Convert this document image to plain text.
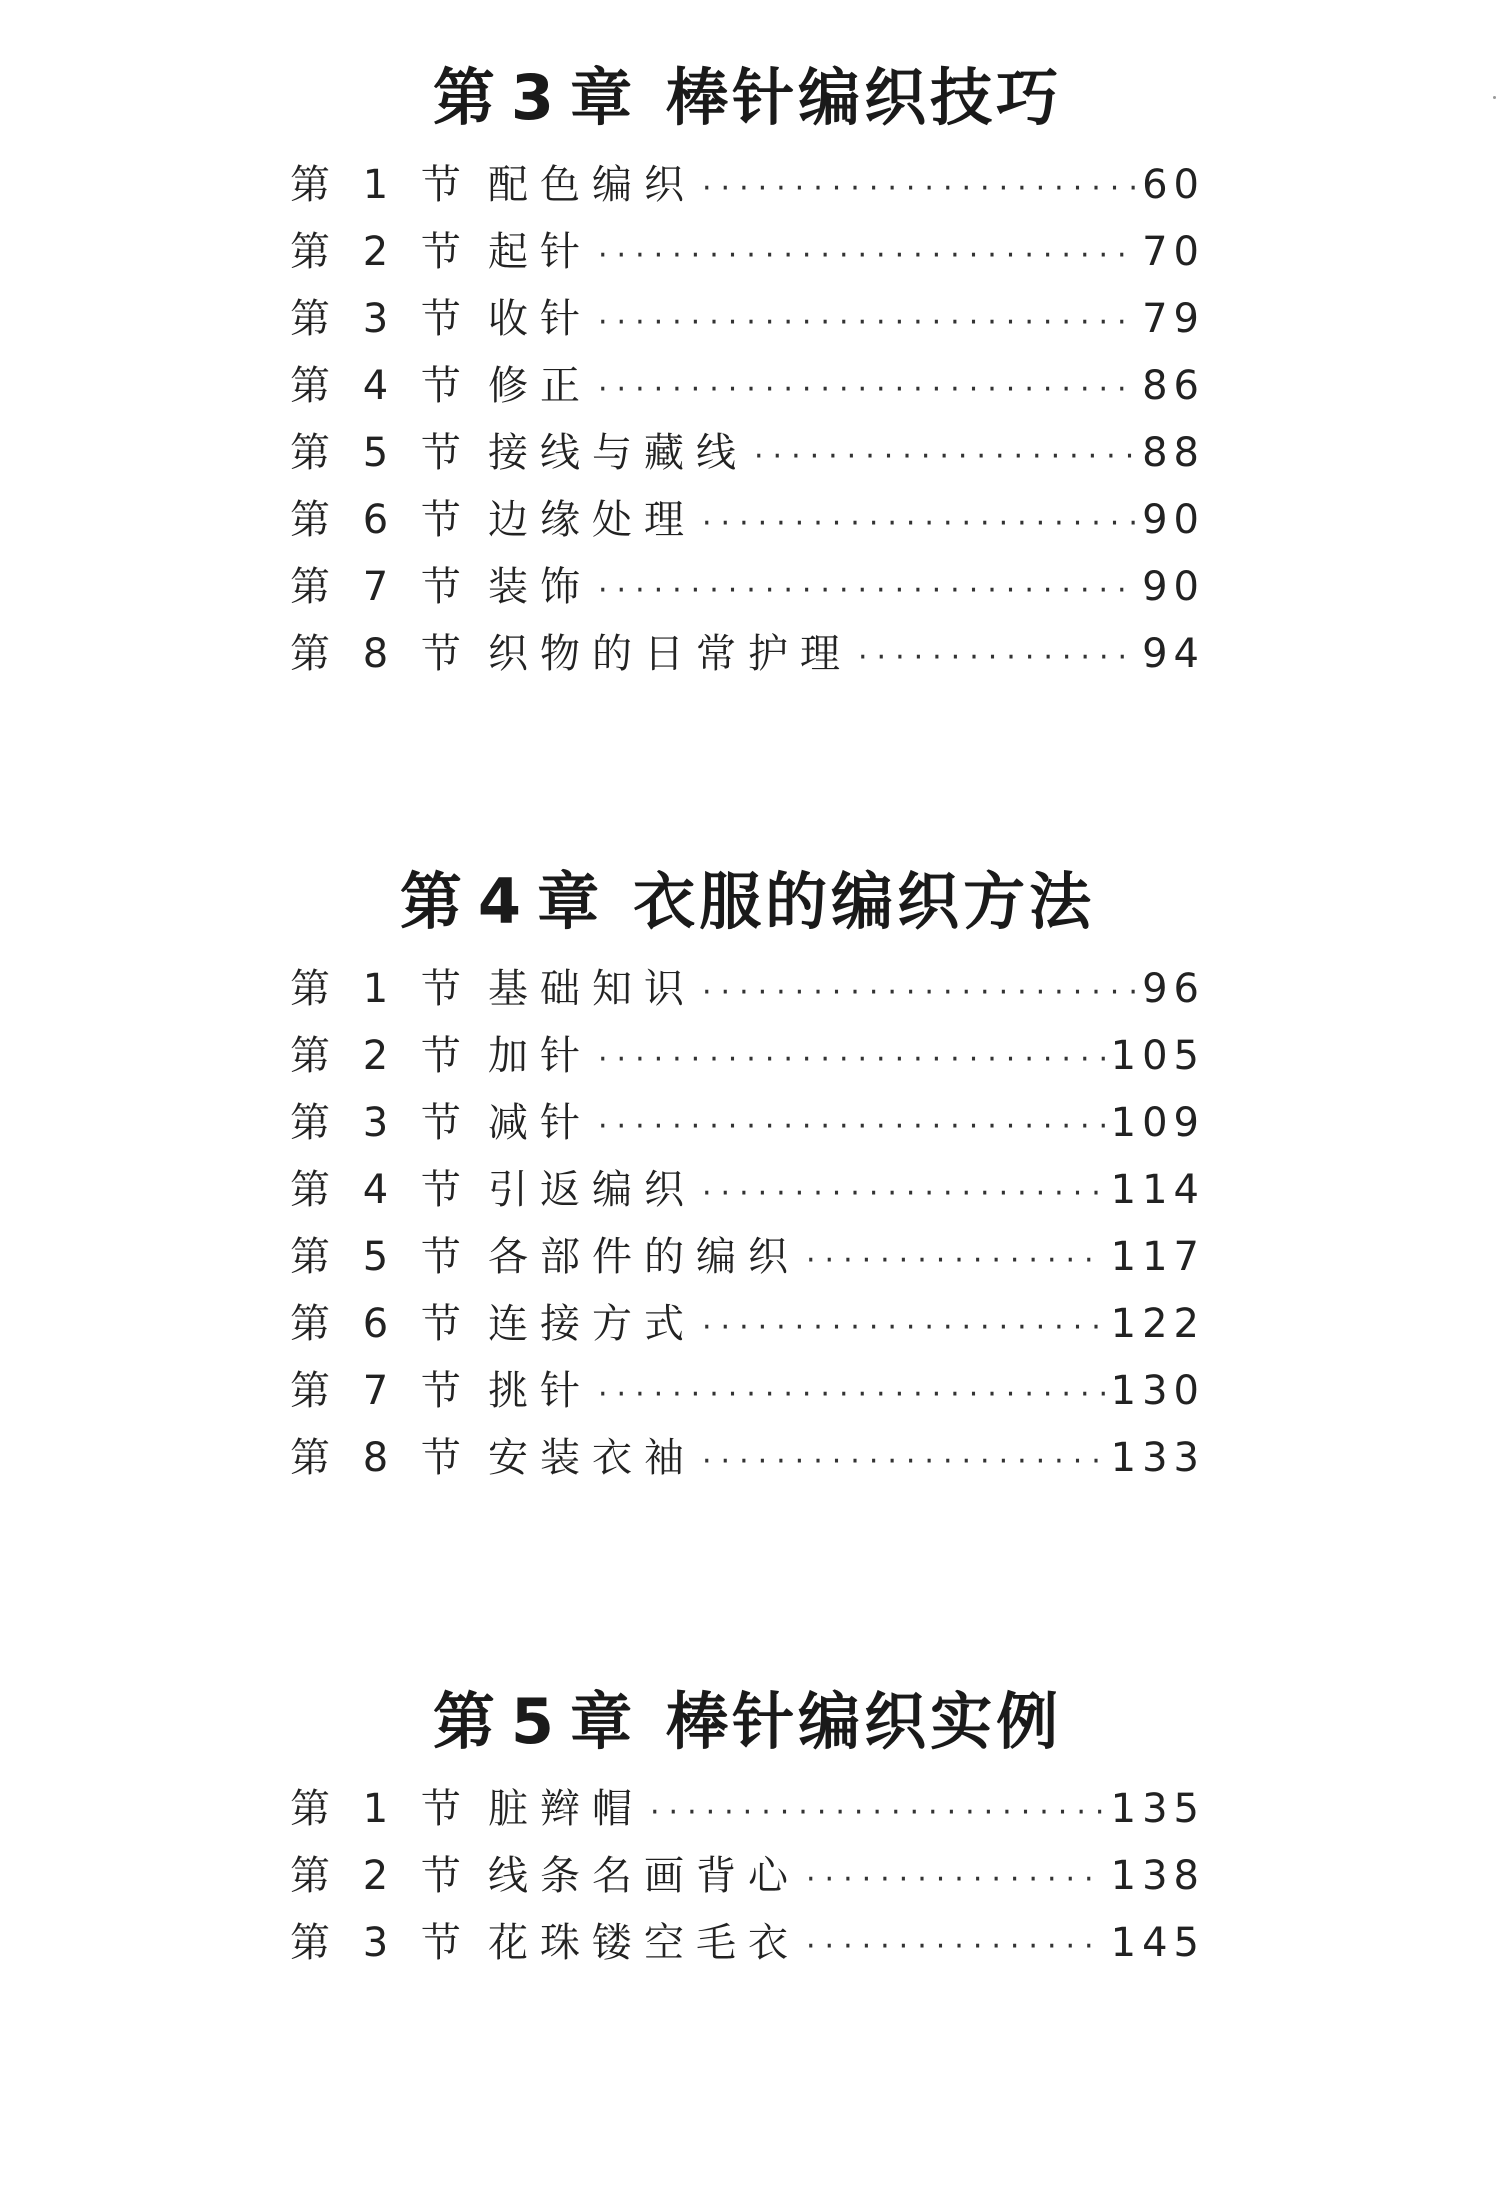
第 3 章 棒针编织技巧
第 1 节 配色编织 ·····	60
第 2 节 起针 ·····	70
第 3 节 收针 ·····	79
第 4 节 修正 ·····	86
第 5 节 接线与藏线 ·····	88
第 6 节 边缘处理 ·····	90
第 7 节 装饰 ·····	90
第 8 节 织物的日常护理 ·····	94
第 4 章 衣服的编织方法
第 1 节 基础知识 ·····	96
第 2 节 加针 ·····	105
第 3 节 减针 ·····	109
第 4 节 引返编织 ·····	114
第 5 节 各部件的编织 ·····	117
第 6 节 连接方式 ·····	122
第 7 节 挑针 ·····	130
第 8 节 安装衣袖 ·····	133
第 5 章 棒针编织实例
第 1 节 脏辫帽 ·····	135
第 2 节 线条名画背心 ·····	138
第 3 节 花珠镂空毛衣 ·····	145
